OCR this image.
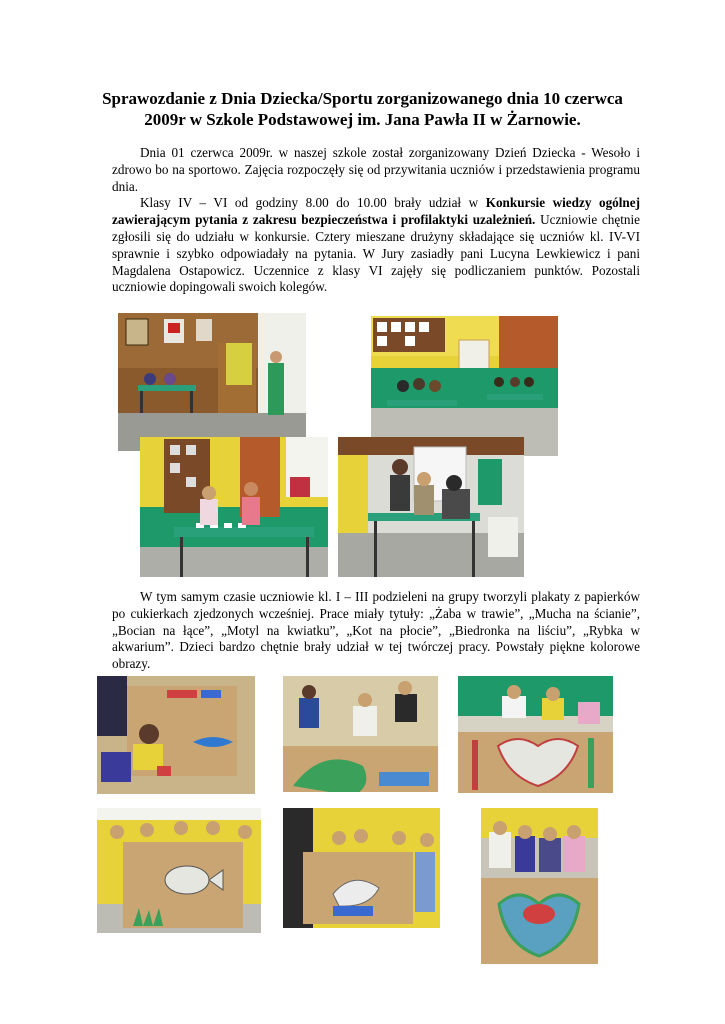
Sprawozdanie z Dnia Dziecka/Sportu zorganizowanego dnia 10 czerwca
2009r w Szkole Podstawowej im. Jana Pawła II w Żarnowie.

Dnia 01 czerwca 2009r. w naszej szkole został zorganizowany Dzień Dziecka - Wesoło i zdrowo bo na sportowo. Zajęcia rozpoczęły się od przywitania uczniów i przedstawienia programu dnia.

Klasy IV – VI od godziny 8.00 do 10.00 brały udział w Konkursie wiedzy ogólnej zawierającym pytania z zakresu bezpieczeństwa i profilaktyki uzależnień. Uczniowie chętnie zgłosili się do udziału w konkursie. Cztery mieszane drużyny składające się uczniów kl. IV-VI sprawnie i szybko odpowiadały na pytania. W Jury zasiadły pani Lucyna Lewkiewicz i pani Magdalena Ostapowicz. Uczennice z klasy VI zajęły się podliczaniem punktów. Pozostali uczniowie dopingowali swoich kolegów.

W tym samym czasie uczniowie kl. I – III podzieleni na grupy tworzyli plakaty z papierków po cukierkach zjedzonych wcześniej. Prace miały tytuły: „Żaba w trawie”, „Mucha na ścianie”, „Bocian na łące”, „Motyl na kwiatku”, „Kot na płocie”, „Biedronka na liściu”, „Rybka w akwarium”. Dzieci bardzo chętnie brały udział w tej twórczej pracy. Powstały piękne kolorowe obrazy.
